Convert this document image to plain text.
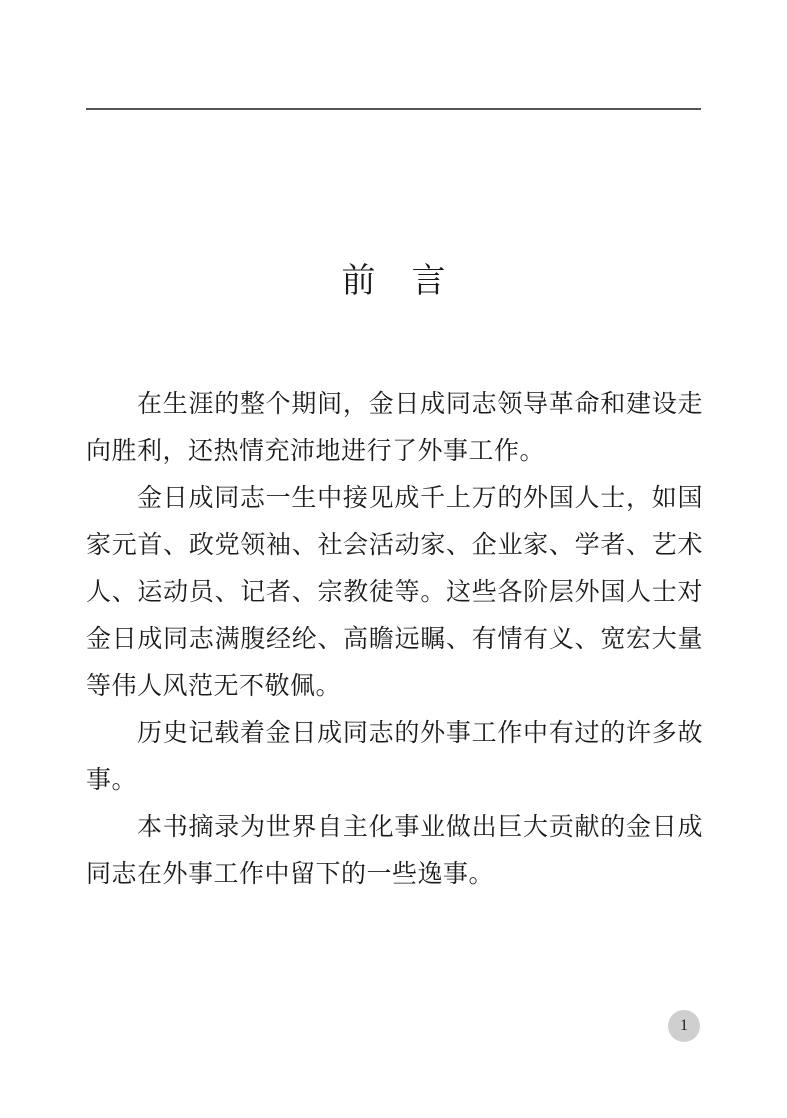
前言

在生涯的整个期间，金日成同志领导革命和建设走向胜利，还热情充沛地进行了外事工作。

金日成同志一生中接见成千上万的外国人士，如国家元首、政党领袖、社会活动家、企业家、学者、艺术人、运动员、记者、宗教徒等。这些各阶层外国人士对金日成同志满腹经纶、高瞻远瞩、有情有义、宽宏大量等伟人风范无不敬佩。

历史记载着金日成同志的外事工作中有过的许多故事。

本书摘录为世界自主化事业做出巨大贡献的金日成同志在外事工作中留下的一些逸事。

1
